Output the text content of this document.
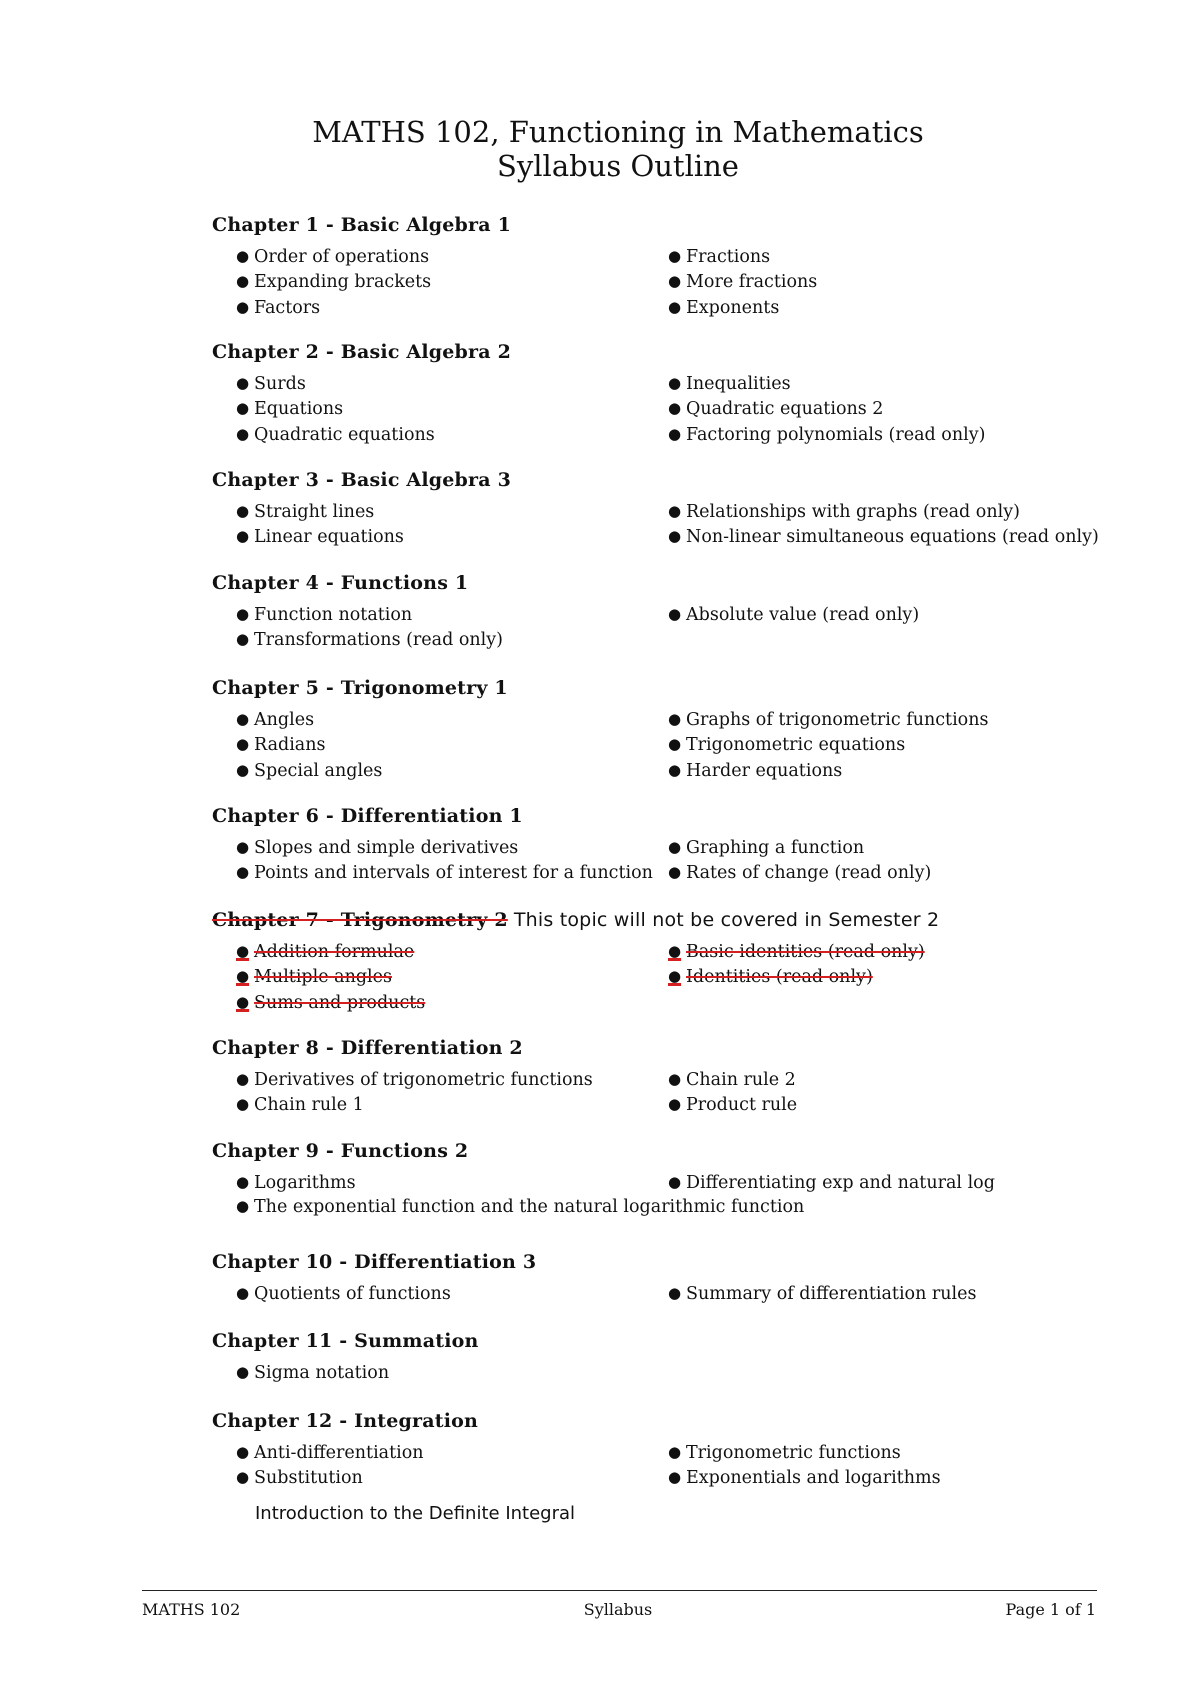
MATHS 102, Functioning in Mathematics
Syllabus Outline
Chapter 1 - Basic Algebra 1
● Order of operations
● Expanding brackets
● Factors
● Fractions
● More fractions
● Exponents
Chapter 2 - Basic Algebra 2
● Surds
● Equations
● Quadratic equations
● Inequalities
● Quadratic equations 2
● Factoring polynomials (read only)
Chapter 3 - Basic Algebra 3
● Straight lines
● Linear equations
● Relationships with graphs (read only)
● Non-linear simultaneous equations (read only)
Chapter 4 - Functions 1
● Function notation
● Transformations (read only)
● Absolute value (read only)
Chapter 5 - Trigonometry 1
● Angles
● Radians
● Special angles
● Graphs of trigonometric functions
● Trigonometric equations
● Harder equations
Chapter 6 - Differentiation 1
● Slopes and simple derivatives
● Points and intervals of interest for a function
● Graphing a function
● Rates of change (read only)
Chapter 7 - Trigonometry 2 This topic will not be covered in Semester 2
● Addition formulae
● Multiple angles
● Sums and products
● Basic identities (read only)
● Identities (read only)
Chapter 8 - Differentiation 2
● Derivatives of trigonometric functions
● Chain rule 1
● Chain rule 2
● Product rule
Chapter 9 - Functions 2
● Logarithms	● Differentiating exp and natural log
● The exponential function and the natural logarithmic function
Chapter 10 - Differentiation 3
● Quotients of functions	● Summary of differentiation rules
Chapter 11 - Summation
● Sigma notation
Chapter 12 - Integration
● Anti-differentiation
● Substitution
● Trigonometric functions
● Exponentials and logarithms
Introduction to the Definite Integral
MATHS 102	Syllabus	Page 1 of 1
